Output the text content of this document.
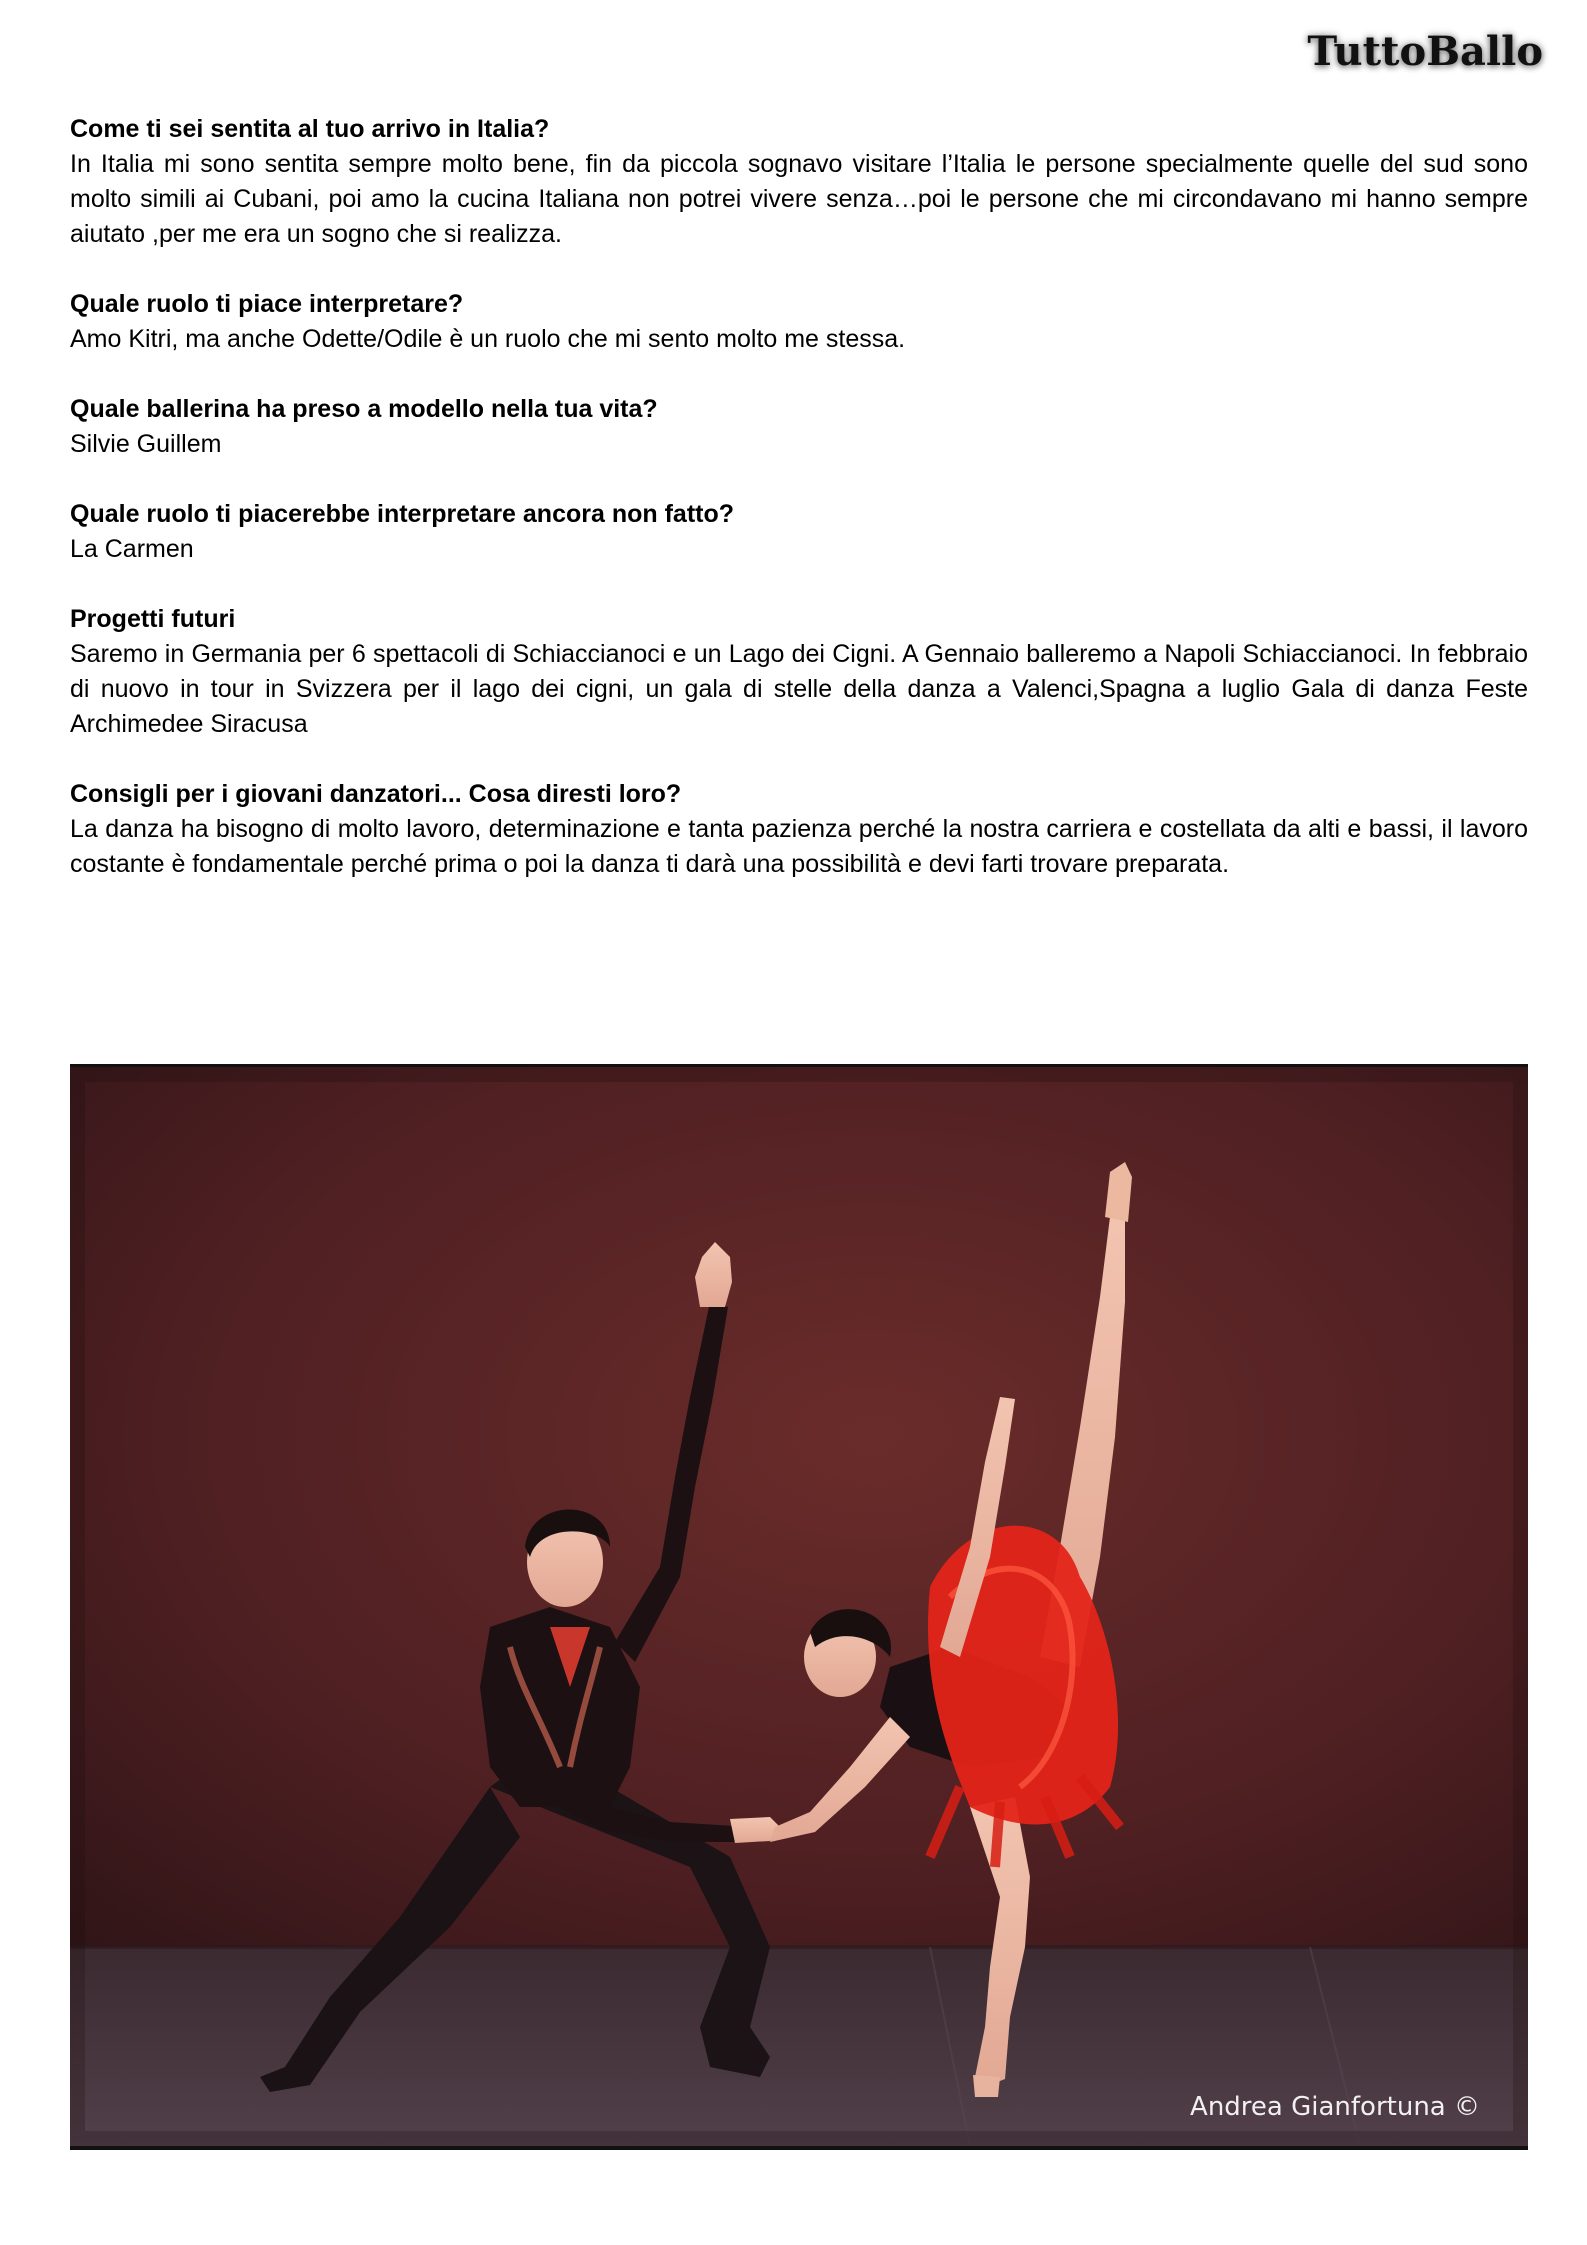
TuttoBallo

Come ti sei sentita al tuo arrivo in Italia?

In Italia mi sono sentita sempre molto bene, fin da piccola sognavo visitare l’Italia le persone specialmente quelle del sud sono molto simili ai Cubani, poi amo la cucina Italiana non potrei vivere senza…poi le persone che mi circondavano mi hanno sempre aiutato ,per me era un sogno che si realizza.

Quale ruolo ti piace interpretare?

Amo Kitri, ma anche Odette/Odile è un ruolo che mi sento molto me stessa.

Quale ballerina ha preso a modello nella tua vita?

Silvie Guillem

Quale ruolo ti piacerebbe interpretare ancora non fatto?

La Carmen

Progetti futuri

Saremo in Germania per 6 spettacoli di Schiaccianoci e un Lago dei Cigni. A Gennaio balleremo a Napoli Schiaccianoci. In febbraio di nuovo in tour in Svizzera per il lago dei cigni, un gala di stelle della danza a Valenci,Spagna a luglio Gala di danza Feste Archimedee Siracusa

Consigli per i giovani danzatori... Cosa diresti loro?

La danza ha bisogno di molto lavoro, determinazione e tanta pazienza perché la nostra carriera e costellata da alti e bassi, il lavoro costante è fondamentale perché prima o poi la danza ti darà una possibilità e devi farti trovare preparata.

Andrea Gianfortuna ©
